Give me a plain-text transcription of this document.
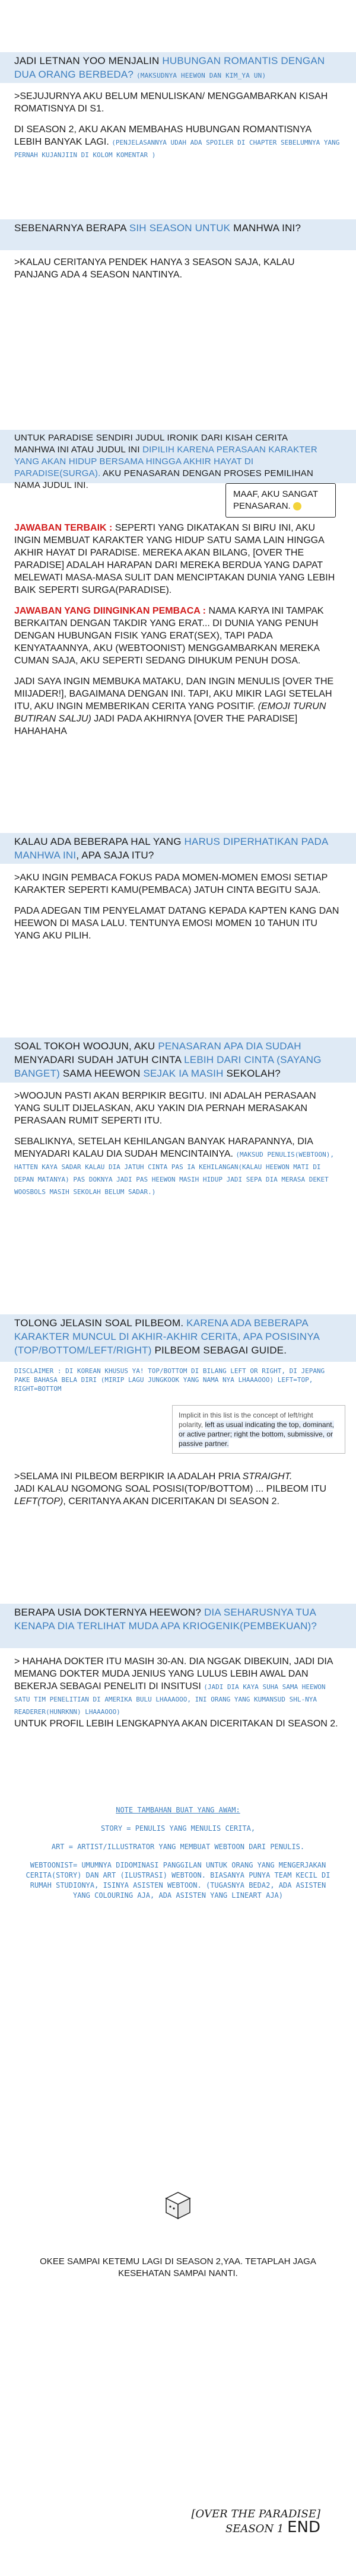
JADI LETNAN YOO MENJALIN HUBUNGAN ROMANTIS DENGAN DUA ORANG BERBEDA? (MAKSUDNYA HEEWON DAN KIM_YA UN)
>SEJUJURNYA AKU BELUM MENULISKAN/ MENGGAMBARKAN KISAH ROMATISNYA DI S1.
DI SEASON 2, AKU AKAN MEMBAHAS HUBUNGAN ROMANTISNYA LEBIH BANYAK LAGI. (PENJELASANNYA UDAH ADA SPOILER DI CHAPTER SEBELUMNYA YANG PERNAH KUJANJIIN DI KOLOM KOMENTAR )
SEBENARNYA BERAPA SIH SEASON UNTUK MANHWA INI?
>KALAU CERITANYA PENDEK HANYA 3 SEASON SAJA, KALAU PANJANG ADA 4 SEASON NANTINYA.
UNTUK PARADISE SENDIRI JUDUL IRONIK DARI KISAH CERITA MANHWA INI ATAU JUDUL INI DIPILIH KARENA PERASAAN KARAKTER YANG AKAN HIDUP BERSAMA HINGGA AKHIR HAYAT DI PARADISE(SURGA). AKU PENASARAN DENGAN PROSES PEMILIHAN NAMA JUDUL INI.
MAAF, AKU SANGAT PENASARAN.
JAWABAN TERBAIK : SEPERTI YANG DIKATAKAN SI BIRU INI, AKU INGIN MEMBUAT KARAKTER YANG HIDUP SATU SAMA LAIN HINGGA AKHIR HAYAT DI PARADISE. MEREKA AKAN BILANG, [OVER THE PARADISE] ADALAH HARAPAN DARI MEREKA BERDUA YANG DAPAT MELEWATI MASA-MASA SULIT DAN MENCIPTAKAN DUNIA YANG LEBIH BAIK SEPERTI SURGA(PARADISE).
JAWABAN YANG DIINGINKAN PEMBACA : NAMA KARYA INI TAMPAK BERKAITAN DENGAN TAKDIR YANG ERAT... DI DUNIA YANG PENUH DENGAN HUBUNGAN FISIK YANG ERAT(SEX), TAPI PADA KENYATAANNYA, AKU (WEBTOONIST) MENGGAMBARKAN MEREKA CUMAN SAJA, AKU SEPERTI SEDANG DIHUKUM PENUH DOSA.
JADI SAYA INGIN MEMBUKA MATAKU, DAN INGIN MENULIS [OVER THE MIIJADER!], BAGAIMANA DENGAN INI. TAPI, AKU MIKIR LAGI SETELAH ITU, AKU INGIN MEMBERIKAN CERITA YANG POSITIF. (EMOJI TURUN BUTIRAN SALJU) JADI PADA AKHIRNYA [OVER THE PARADISE] HAHAHAHA
KALAU ADA BEBERAPA HAL YANG HARUS DIPERHATIKAN PADA MANHWA INI, APA SAJA ITU?
>AKU INGIN PEMBACA FOKUS PADA MOMEN-MOMEN EMOSI SETIAP KARAKTER SEPERTI KAMU(PEMBACA) JATUH CINTA BEGITU SAJA.
PADA ADEGAN TIM PENYELAMAT DATANG KEPADA KAPTEN KANG DAN HEEWON DI MASA LALU. TENTUNYA EMOSI MOMEN 10 TAHUN ITU YANG AKU PILIH.
SOAL TOKOH WOOJUN, AKU PENASARAN APA DIA SUDAH MENYADARI SUDAH JATUH CINTA LEBIH DARI CINTA (SAYANG BANGET) SAMA HEEWON SEJAK IA MASIH SEKOLAH?
>WOOJUN PASTI AKAN BERPIKIR BEGITU. INI ADALAH PERASAAN YANG SULIT DIJELASKAN, AKU YAKIN DIA PERNAH MERASAKAN PERASAAN RUMIT SEPERTI ITU.
SEBALIKNYA, SETELAH KEHILANGAN BANYAK HARAPANNYA, DIA MENYADARI KALAU DIA SUDAH MENCINTAINYA. (MAKSUD PENULIS(WEBTOON), HATTEN KAYA SADAR KALAU DIA JATUH CINTA PAS IA KEHILANGAN(KALAU HEEWON MATI DI DEPAN MATANYA) PAS DOKNYA JADI PAS HEEWON MASIH HIDUP JADI SEPA DIA MERASA DEKET WOOSBOLS MASIH SEKOLAH BELUM SADAR.)
TOLONG JELASIN SOAL PILBEOM. KARENA ADA BEBERAPA KARAKTER MUNCUL DI AKHIR-AKHIR CERITA, APA POSISINYA (TOP/BOTTOM/LEFT/RIGHT) PILBEOM SEBAGAI GUIDE.
DISCLAIMER : DI KOREAN KHUSUS YA! TOP/BOTTOM DI BILANG LEFT OR RIGHT, DI JEPANG PAKE BAHASA BELA DIRI (MIRIP LAGU JUNGKOOK YANG NAMA NYA LHAAAOOO) LEFT=TOP, RIGHT=BOTTOM
Implicit in this list is the concept of left/right polarity, left as usual indicating the top, dominant, or active partner; right the bottom, submissive, or passive partner.
>SELAMA INI PILBEOM BERPIKIR IA ADALAH PRIA STRAIGHT.
JADI KALAU NGOMONG SOAL POSISI(TOP/BOTTOM) ... PILBEOM ITU LEFT(TOP), CERITANYA AKAN DICERITAKAN DI SEASON 2.
BERAPA USIA DOKTERNYA HEEWON? DIA SEHARUSNYA TUA KENAPA DIA TERLIHAT MUDA APA KRIOGENIK(PEMBEKUAN)?
> HAHAHA DOKTER ITU MASIH 30-AN. DIA NGGAK DIBEKUIN, JADI DIA MEMANG DOKTER MUDA JENIUS YANG LULUS LEBIH AWAL DAN BEKERJA SEBAGAI PENELITI DI INSITUSI (JADI DIA KAYA SUHA SAMA HEEWON SATU TIM PENELITIAN DI AMERIKA BULU LHAAAOOO, INI ORANG YANG KUMANSUD SHL-NYA READERER(HUNRKNN) LHAAAOOO)
UNTUK PROFIL LEBIH LENGKAPNYA AKAN DICERITAKAN DI SEASON 2.
NOTE TAMBAHAN BUAT YANG AWAM:
STORY = PENULIS YANG MENULIS CERITA,
ART = ARTIST/ILLUSTRATOR YANG MEMBUAT WEBTOON DARI PENULIS.
WEBTOONIST= UMUMNYA DIDOMINASI PANGGILAN UNTUK ORANG YANG MENGERJAKAN CERITA(STORY) DAN ART (ILUSTRASI) WEBTOON. BIASANYA PUNYA TEAM KECIL DI RUMAH STUDIONYA, ISINYA ASISTEN WEBTOON. (TUGASNYA BEDA2, ADA ASISTEN YANG COLOURING AJA, ADA ASISTEN YANG LINEART AJA)
OKEE SAMPAI KETEMU LAGI DI SEASON 2,YAA. TETAPLAH JAGA KESEHATAN SAMPAI NANTI.
[OVER THE PARADISE]
SEASON 1 END
